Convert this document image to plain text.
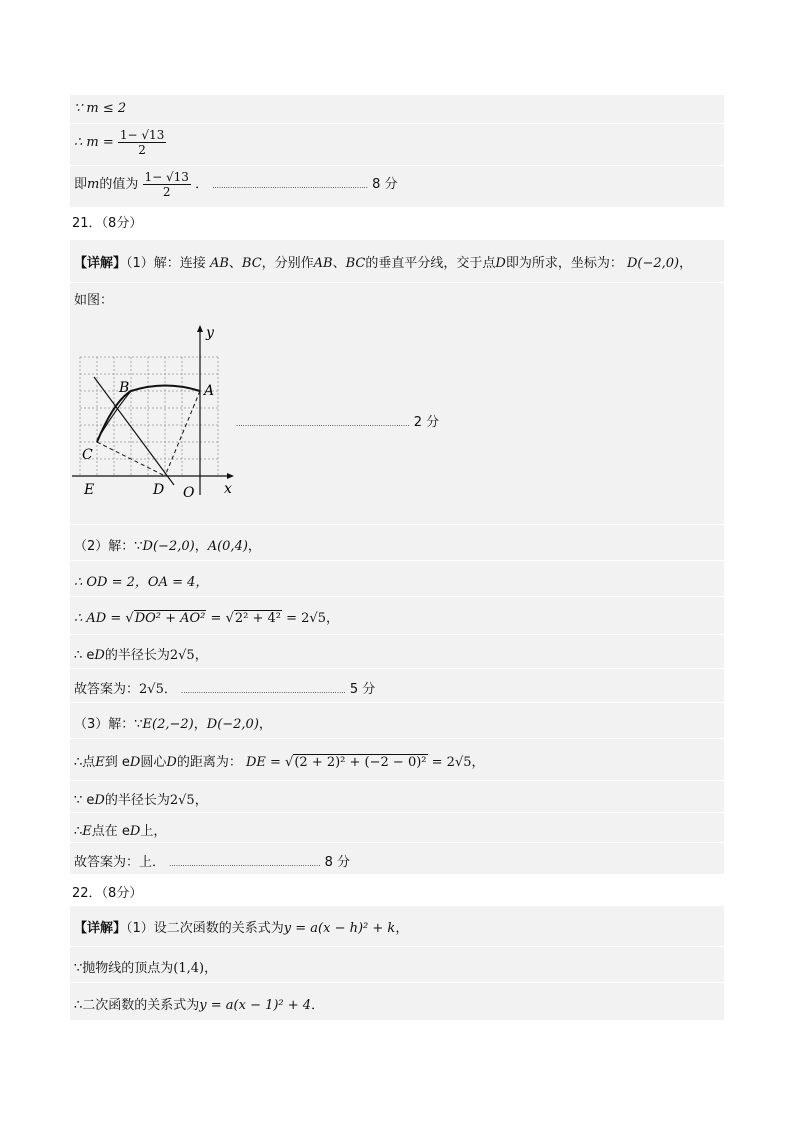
∵ m ≤ 2
∴ $m = \frac{1- √13}{2}$
即m的值为 $\frac{1- √13}{2}$ ． ...................................................................... 8 分
21．（8分）
【详解】（1）解：连接 AB、BC，分别作AB、BC的垂直平分线，交于点D即为所求，坐标为： D(−2,0)，
如图：
y
x
A
B
C
D
E	O
.............................................................................. 2 分
（2）解：∵D(−2,0)，A(0,4)，
∴ OD = 2，OA = 4，
∴ AD = √DO² + AO² = √2² + 4² = 2√5，
∴ eD的半径长为2√5，
故答案为：2√5． .......................................................................... 5 分
（3）解：∵E(2,−2)，D(−2,0)，
∴点E到 eD圆心D的距离为： DE = √(2 + 2)² + (−2 − 0)² = 2√5，
∵ eD的半径长为2√5，
∴E点在 eD上，
故答案为：上． .................................................................... 8 分
22．（8分）
【详解】（1）设二次函数的关系式为y = a(x − h)² + k，
∵抛物线的顶点为(1,4)，
∴二次函数的关系式为y = a(x − 1)² + 4．
